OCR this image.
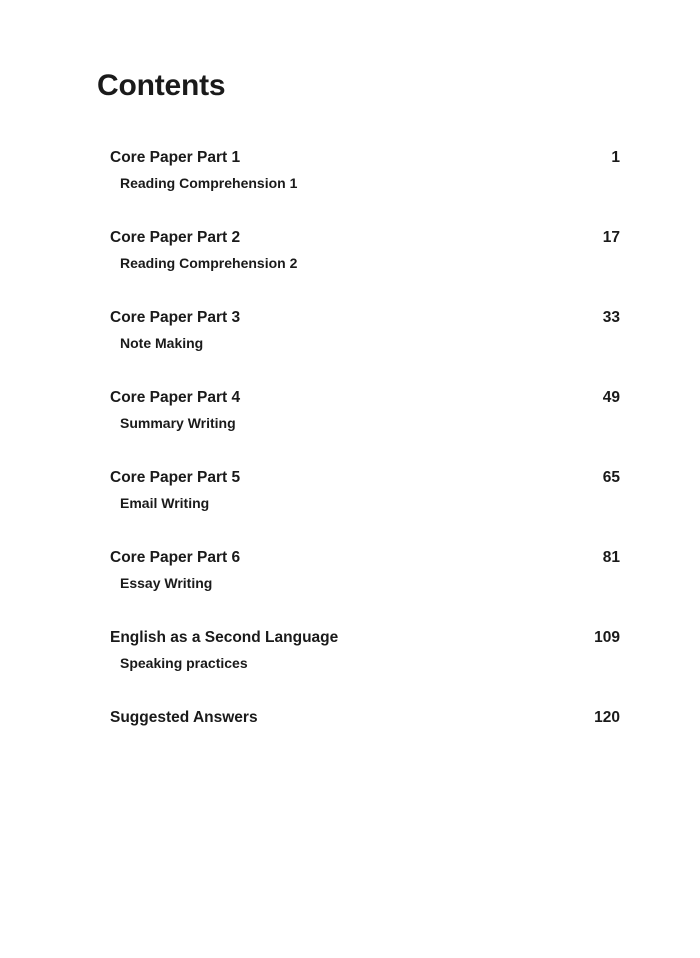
Contents
Core Paper Part 1	1
Reading Comprehension 1
Core Paper Part 2	17
Reading Comprehension 2
Core Paper Part 3	33
Note Making
Core Paper Part 4	49
Summary Writing
Core Paper Part 5	65
Email Writing
Core Paper Part 6	81
Essay Writing
English as a Second Language	109
Speaking practices
Suggested Answers	120
